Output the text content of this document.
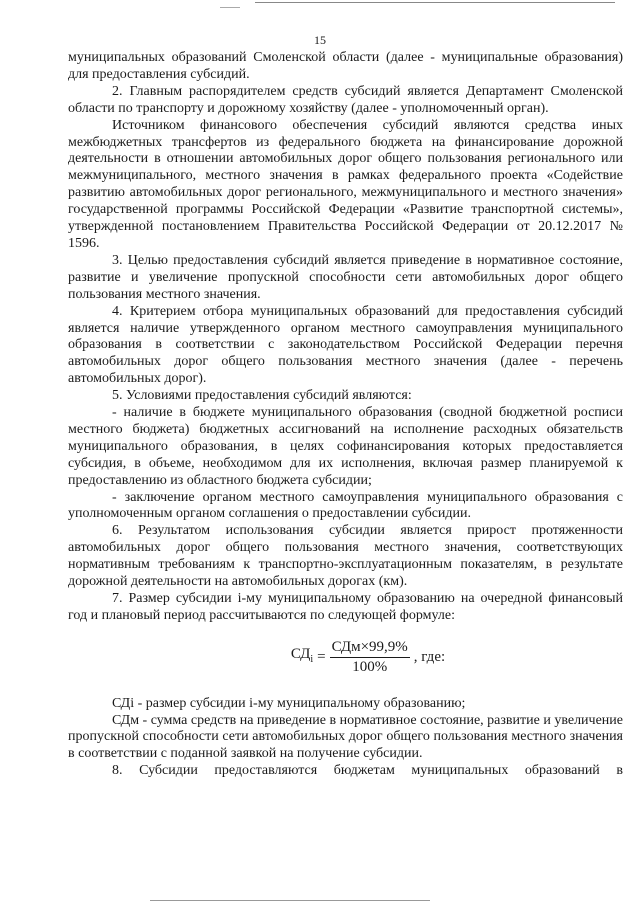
15

муниципальных образований Смоленской области (далее - муниципальные образования) для предоставления субсидий.

2. Главным распорядителем средств субсидий является Департамент Смоленской области по транспорту и дорожному хозяйству (далее - уполномоченный орган).

Источником финансового обеспечения субсидий являются средства иных межбюджетных трансфертов из федерального бюджета на финансирование дорожной деятельности в отношении автомобильных дорог общего пользования регионального или межмуниципального, местного значения в рамках федерального проекта «Содействие развитию автомобильных дорог регионального, межмуниципального и местного значения» государственной программы Российской Федерации «Развитие транспортной системы», утвержденной постановлением Правительства Российской Федерации от 20.12.2017 № 1596.

3. Целью предоставления субсидий является приведение в нормативное состояние, развитие и увеличение пропускной способности сети автомобильных дорог общего пользования местного значения.

4. Критерием отбора муниципальных образований для предоставления субсидий является наличие утвержденного органом местного самоуправления муниципального образования в соответствии с законодательством Российской Федерации перечня автомобильных дорог общего пользования местного значения (далее - перечень автомобильных дорог).

5. Условиями предоставления субсидий являются:

- наличие в бюджете муниципального образования (сводной бюджетной росписи местного бюджета) бюджетных ассигнований на исполнение расходных обязательств муниципального образования, в целях софинансирования которых предоставляется субсидия, в объеме, необходимом для их исполнения, включая размер планируемой к предоставлению из областного бюджета субсидии;

- заключение органом местного самоуправления муниципального образования с уполномоченным органом соглашения о предоставлении субсидии.

6. Результатом использования субсидии является прирост протяженности автомобильных дорог общего пользования местного значения, соответствующих нормативным требованиям к транспортно-эксплуатационным показателям, в результате дорожной деятельности на автомобильных дорогах (км).

7. Размер субсидии i-му муниципальному образованию на очередной финансовый год и плановый период рассчитываются по следующей формуле:

$СД_i = \frac{\text{СДм×99,9\%}}{100\%}$ , где:

СДi - размер субсидии i-му муниципальному образованию;

СДм - сумма средств на приведение в нормативное состояние, развитие и увеличение пропускной способности сети автомобильных дорог общего пользования местного значения в соответствии с поданной заявкой на получение субсидии.

8. Субсидии предоставляются бюджетам муниципальных образований в
